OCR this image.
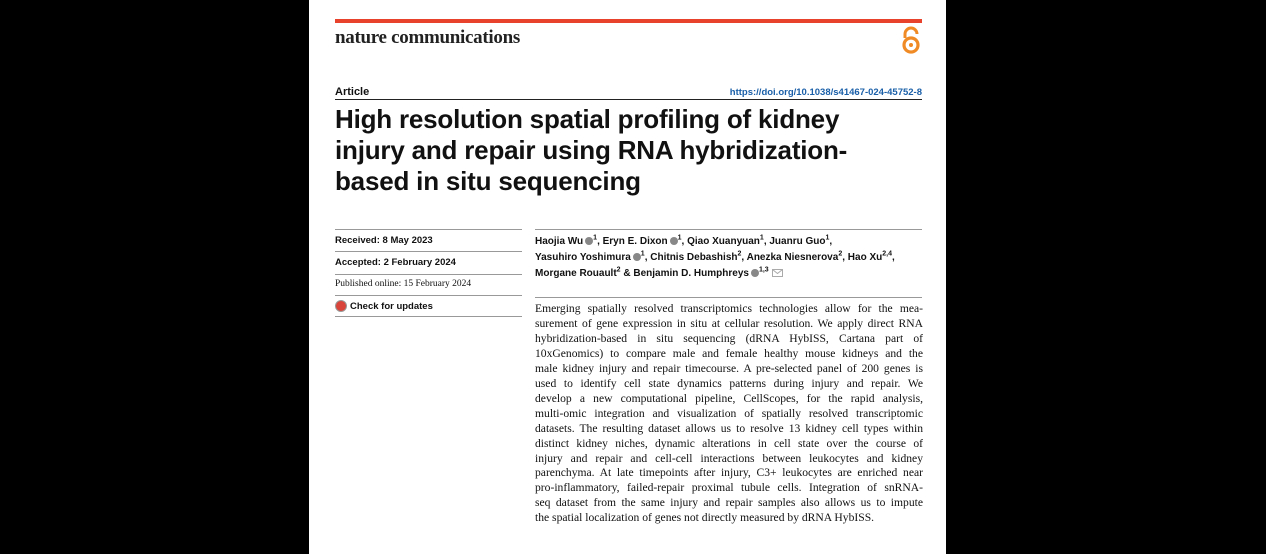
nature communications
Article	https://doi.org/10.1038/s41467-024-45752-8
High resolution spatial profiling of kidney
injury and repair using RNA hybridization-
based in situ sequencing
Received: 8 May 2023
Accepted: 2 February 2024
Published online: 15 February 2024
Check for updates
Haojia Wu $^1$, Eryn E. Dixon $^1$, Qiao Xuanyuan$^1$, Juanru Guo$^1$,
Yasuhiro Yoshimura $^1$, Chitnis Debashish$^2$, Anezka Niesnerova$^2$, Hao Xu$^{2,4}$,
Morgane Rouault$^2$ & Benjamin D. Humphreys $^{1,3}$
Emerging spatially resolved transcriptomics technologies allow for the mea-
surement of gene expression in situ at cellular resolution. We apply direct RNA
hybridization-based in situ sequencing (dRNA HybISS, Cartana part of
10xGenomics) to compare male and female healthy mouse kidneys and the
male kidney injury and repair timecourse. A pre-selected panel of 200 genes is
used to identify cell state dynamics patterns during injury and repair. We
develop a new computational pipeline, CellScopes, for the rapid analysis,
multi-omic integration and visualization of spatially resolved transcriptomic
datasets. The resulting dataset allows us to resolve 13 kidney cell types within
distinct kidney niches, dynamic alterations in cell state over the course of
injury and repair and cell-cell interactions between leukocytes and kidney
parenchyma. At late timepoints after injury, C3+ leukocytes are enriched near
pro-inflammatory, failed-repair proximal tubule cells. Integration of snRNA-
seq dataset from the same injury and repair samples also allows us to impute
the spatial localization of genes not directly measured by dRNA HybISS.
